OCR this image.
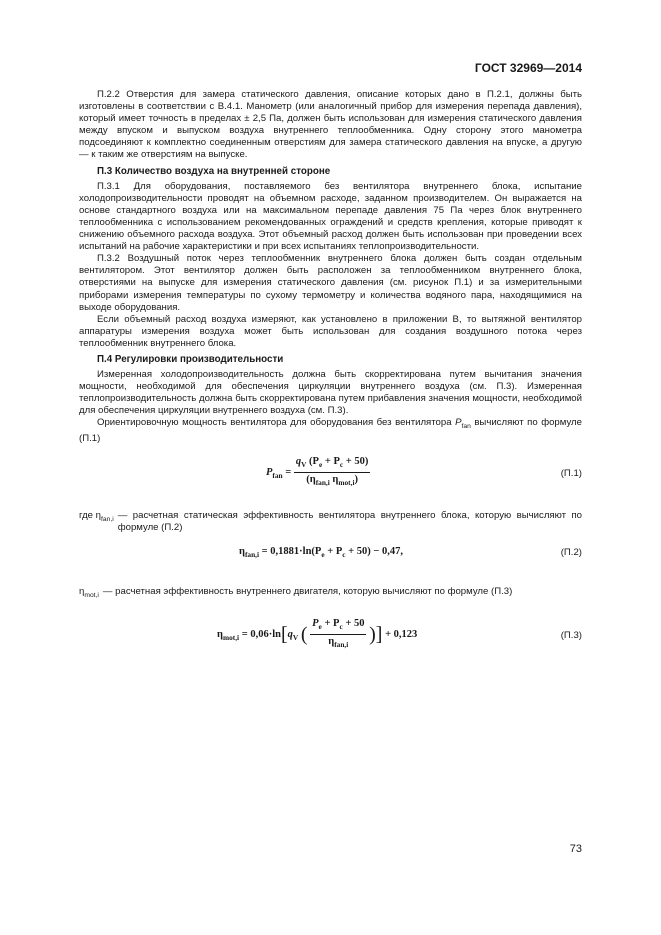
ГОСТ 32969—2014

П.2.2 Отверстия для замера статического давления, описание которых дано в П.2.1, должны быть изготовлены в соответствии с В.4.1. Манометр (или аналогичный прибор для измерения перепада давления), который имеет точность в пределах ± 2,5 Па, должен быть использован для измерения статического давления между впуском и выпуском воздуха внутреннего теплообменника. Одну сторону этого манометра подсоединяют к комплектно соединенным отверстиям для замера статического давления на впуске, а другую — к таким же отверстиям на выпуске.

П.3 Количество воздуха на внутренней стороне

П.3.1 Для оборудования, поставляемого без вентилятора внутреннего блока, испытание холодопроизводительности проводят на объемном расходе, заданном производителем. Он выражается на основе стандартного воздуха или на максимальном перепаде давления 75 Па через блок внутреннего теплообменника с использованием рекомендованных ограждений и средств крепления, которые приводят к снижению объемного расхода воздуха. Этот объемный расход должен быть использован при проведении всех испытаний на рабочие характеристики и при всех испытаниях теплопроизводительности.

П.3.2 Воздушный поток через теплообменник внутреннего блока должен быть создан отдельным вентилятором. Этот вентилятор должен быть расположен за теплообменником внутреннего блока, отверстиями на выпуске для измерения статического давления (см. рисунок П.1) и за измерительными приборами измерения температуры по сухому термометру и количества водяного пара, находящимися на выходе оборудования.

Если объемный расход воздуха измеряют, как установлено в приложении В, то вытяжной вентилятор аппаратуры измерения воздуха может быть использован для создания воздушного потока через теплообменник внутреннего блока.

П.4 Регулировки производительности

Измеренная холодопроизводительность должна быть скорректирована путем вычитания значения мощности, необходимой для обеспечения циркуляции внутреннего воздуха (см. П.3). Измеренная теплопроизводительность должна быть скорректирована путем прибавления значения мощности, необходимой для обеспечения циркуляции внутреннего воздуха (см. П.3).

Ориентировочную мощность вентилятора для оборудования без вентилятора $P_{fan}$ вычисляют по формуле (П.1)

$P_{fan} = \frac{q_V (P_e + P_c + 50)}{(\eta_{fan,i} \eta_{mot,i})}$	(П.1)
где $\eta_{fan,i}$ — расчетная статическая эффективность вентилятора внутреннего блока, которую вычисляют по формуле (П.2)
$\eta_{fan,i} = 0,1881\cdot\ln(P_e + P_c + 50) - 0,47$,	(П.2)
$\eta_{mot,i}$ — расчетная эффективность внутреннего двигателя, которую вычисляют по формуле (П.3)
$\eta_{mot,i} = 0,06\cdot\ln[q_V$ ( $\frac{P_e + P_c + 50}{\eta_{fan,i}}$ )] + 0,123	(П.3)
73
